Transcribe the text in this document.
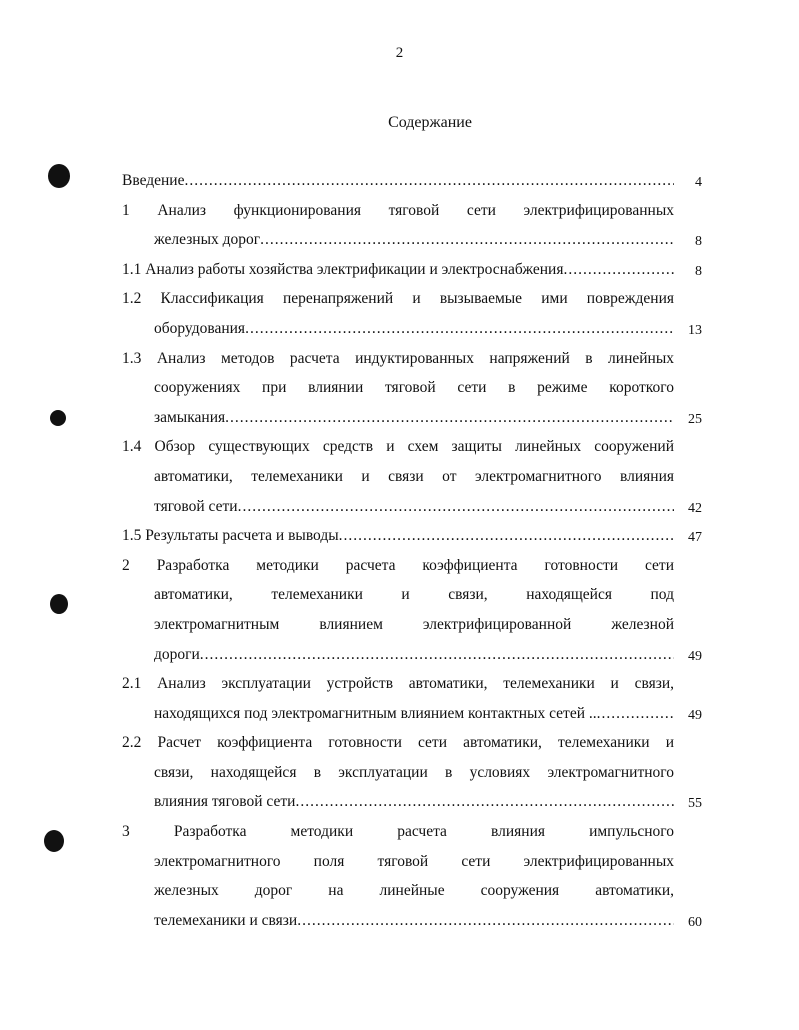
2
Содержание
Введение .....	4
1 Анализ функционирования тяговой сети электрифицированных
железных дорог .....	8
1.1 Анализ работы хозяйства электрификации и электроснабжения .....	8
1.2 Классификация перенапряжений и вызываемые ими повреждения
оборудования .....	13
1.3 Анализ методов расчета индуктированных напряжений в линейных
сооружениях при влиянии тяговой сети в режиме короткого
замыкания .....	25
1.4 Обзор существующих средств и схем защиты линейных сооружений
автоматики, телемеханики и связи от электромагнитного влияния
тяговой сети .....	42
1.5 Результаты расчета и выводы .....	47
2 Разработка методики расчета коэффициента готовности сети
автоматики, телемеханики и связи, находящейся под
электромагнитным влиянием электрифицированной железной
дороги .....	49
2.1 Анализ эксплуатации устройств автоматики, телемеханики и связи,
находящихся под электромагнитным влиянием контактных сетей .. .....	49
2.2 Расчет коэффициента готовности сети автоматики, телемеханики и
связи, находящейся в эксплуатации в условиях электромагнитного
влияния тяговой сети .....	55
3 Разработка методики расчета влияния импульсного
электромагнитного поля тяговой сети электрифицированных
железных дорог на линейные сооружения автоматики,
телемеханики и связи .....	60
